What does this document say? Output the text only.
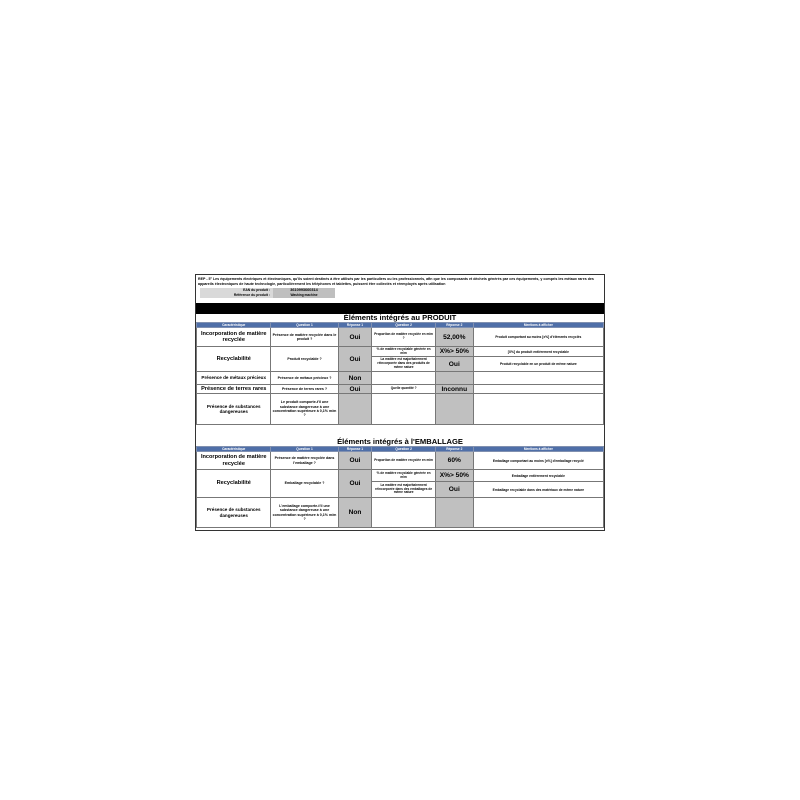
REP - 5° Les équipements électriques et électroniques, qu'ils soient destinés à être utilisés par les particuliers ou les professionnels, afin que les composants et déchets générés par ces équipements, y compris les métaux rares des appareils électroniques de haute technologie, particulièrement les téléphones et tablettes, puissent être collectés et réemployés après utilisation
EAN du produit :	3610993660314
Référence du produit :	Washing machine
Éléments intégrés au PRODUIT
Caractéristique	Question 1	Réponse 1	Question 2	Réponse 2	Mentions à afficher
Incorporation de matière recyclée	Présence de matière recyclée dans le produit ?	Oui	Proportion de matière recyclée en m/m ?	52,00%	Produit comportant au moins [x%] d'éléments recyclés
Recyclabilité	Produit recyclable ?	Oui	% de matière recyclable générée en m/m	X%> 50%	[X%] du produit entièrement recyclable
			La matière est majoritairement réincorporée dans des produits de même nature	Oui	Produit recyclable en un produit de même nature
Présence de métaux précieux	Présence de métaux précieux ?	Non			
Présence de terres rares	Présence de terres rares ?	Oui	Quelle quantité ?	Inconnu	
Présence de substances dangereuses	Le produit comporte-t'il une substance dangereuse à une concentration supérieure à 0,1% m/m ?				
Éléments intégrés à l'EMBALLAGE
Caractéristique	Question 1	Réponse 1	Question 2	Réponse 2	Mentions à afficher
Incorporation de matière recyclée	Présence de matière recyclée dans l'emballage ?	Oui	Proportion de matière recyclée en m/m	60%	Emballage comportant au moins [x%] d'emballage recyclé
Recyclabilité	Emballage recyclable ?	Oui	% de matière recyclable générée en m/m	X%> 50%	Emballage entièrement recyclable
			La matière est majoritairement réincorporée dans des emballages de même nature	Oui	Emballage recyclable dans des matériaux de même nature
Présence de substances dangereuses	L'emballage comporte-t'il une substance dangereuse à une concentration supérieure à 0,1% m/m ?	Non			
